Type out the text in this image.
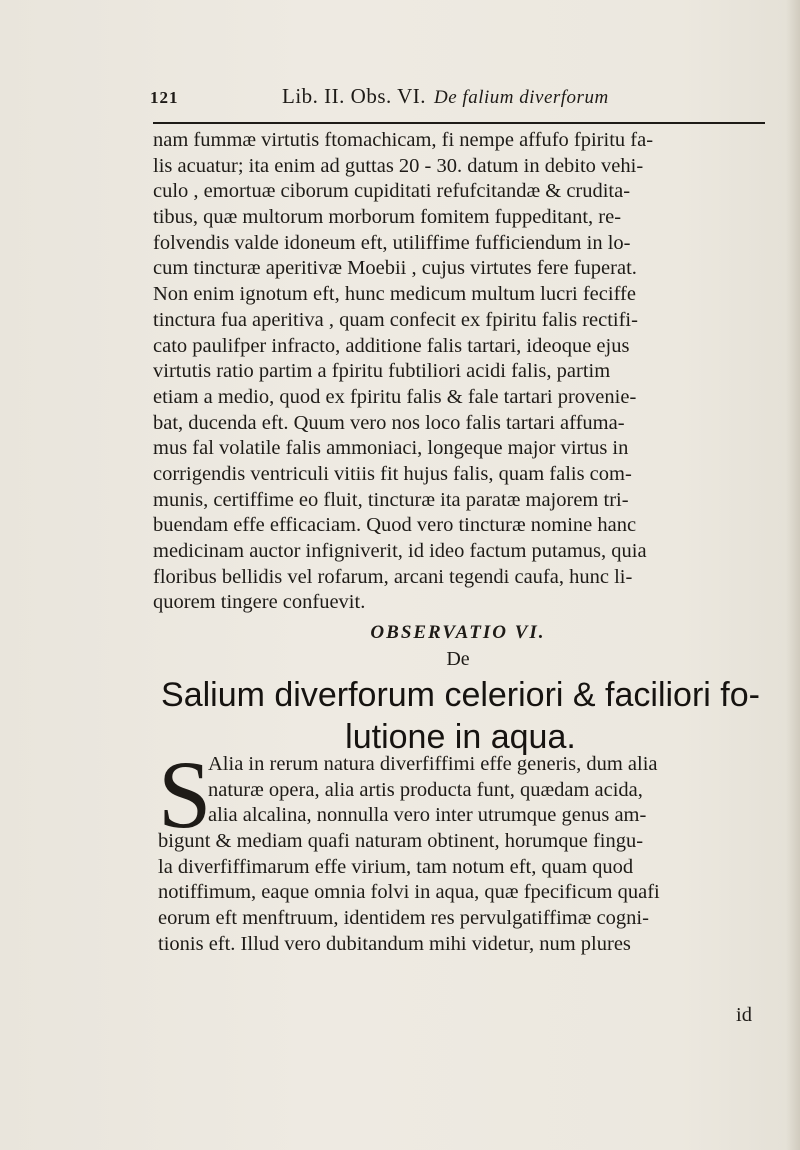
121	Lib. II. Obs. VI. De falium diverforum
nam fummæ virtutis ftomachicam, fi nempe affufo fpiritu fa-
lis acuatur; ita enim ad guttas 20 - 30. datum in debito vehi-
culo , emortuæ ciborum cupiditati refufcitandæ & crudita-
tibus, quæ multorum morborum fomitem fuppeditant, re-
folvendis valde idoneum eft, utiliffime fufficiendum in lo-
cum tincturæ aperitivæ Moebii , cujus virtutes fere fuperat.
Non enim ignotum eft, hunc medicum multum lucri feciffe
tinctura fua aperitiva , quam confecit ex fpiritu falis rectifi-
cato paulifper infracto, additione falis tartari, ideoque ejus
virtutis ratio partim a fpiritu fubtiliori acidi falis, partim
etiam a medio, quod ex fpiritu falis & fale tartari provenie-
bat, ducenda eft. Quum vero nos loco falis tartari affuma-
mus fal volatile falis ammoniaci, longeque major virtus in
corrigendis ventriculi vitiis fit hujus falis, quam falis com-
munis, certiffime eo fluit, tincturæ ita paratæ majorem tri-
buendam effe efficaciam. Quod vero tincturæ nomine hanc
medicinam auctor infigniverit, id ideo factum putamus, quia
floribus bellidis vel rofarum, arcani tegendi caufa, hunc li-
quorem tingere confuevit.
OBSERVATIO VI.
De
Salium diverforum celeriori & faciliori fo-
lutione in aqua.
S
Alia in rerum natura diverfiffimi effe generis, dum alia
naturæ opera, alia artis producta funt, quædam acida,
alia alcalina, nonnulla vero inter utrumque genus am-
bigunt & mediam quafi naturam obtinent, horumque fingu-
la diverfiffimarum effe virium, tam notum eft, quam quod
notiffimum, eaque omnia folvi in aqua, quæ fpecificum quafi
eorum eft menftruum, identidem res pervulgatiffimæ cogni-
tionis eft. Illud vero dubitandum mihi videtur, num plures
id
